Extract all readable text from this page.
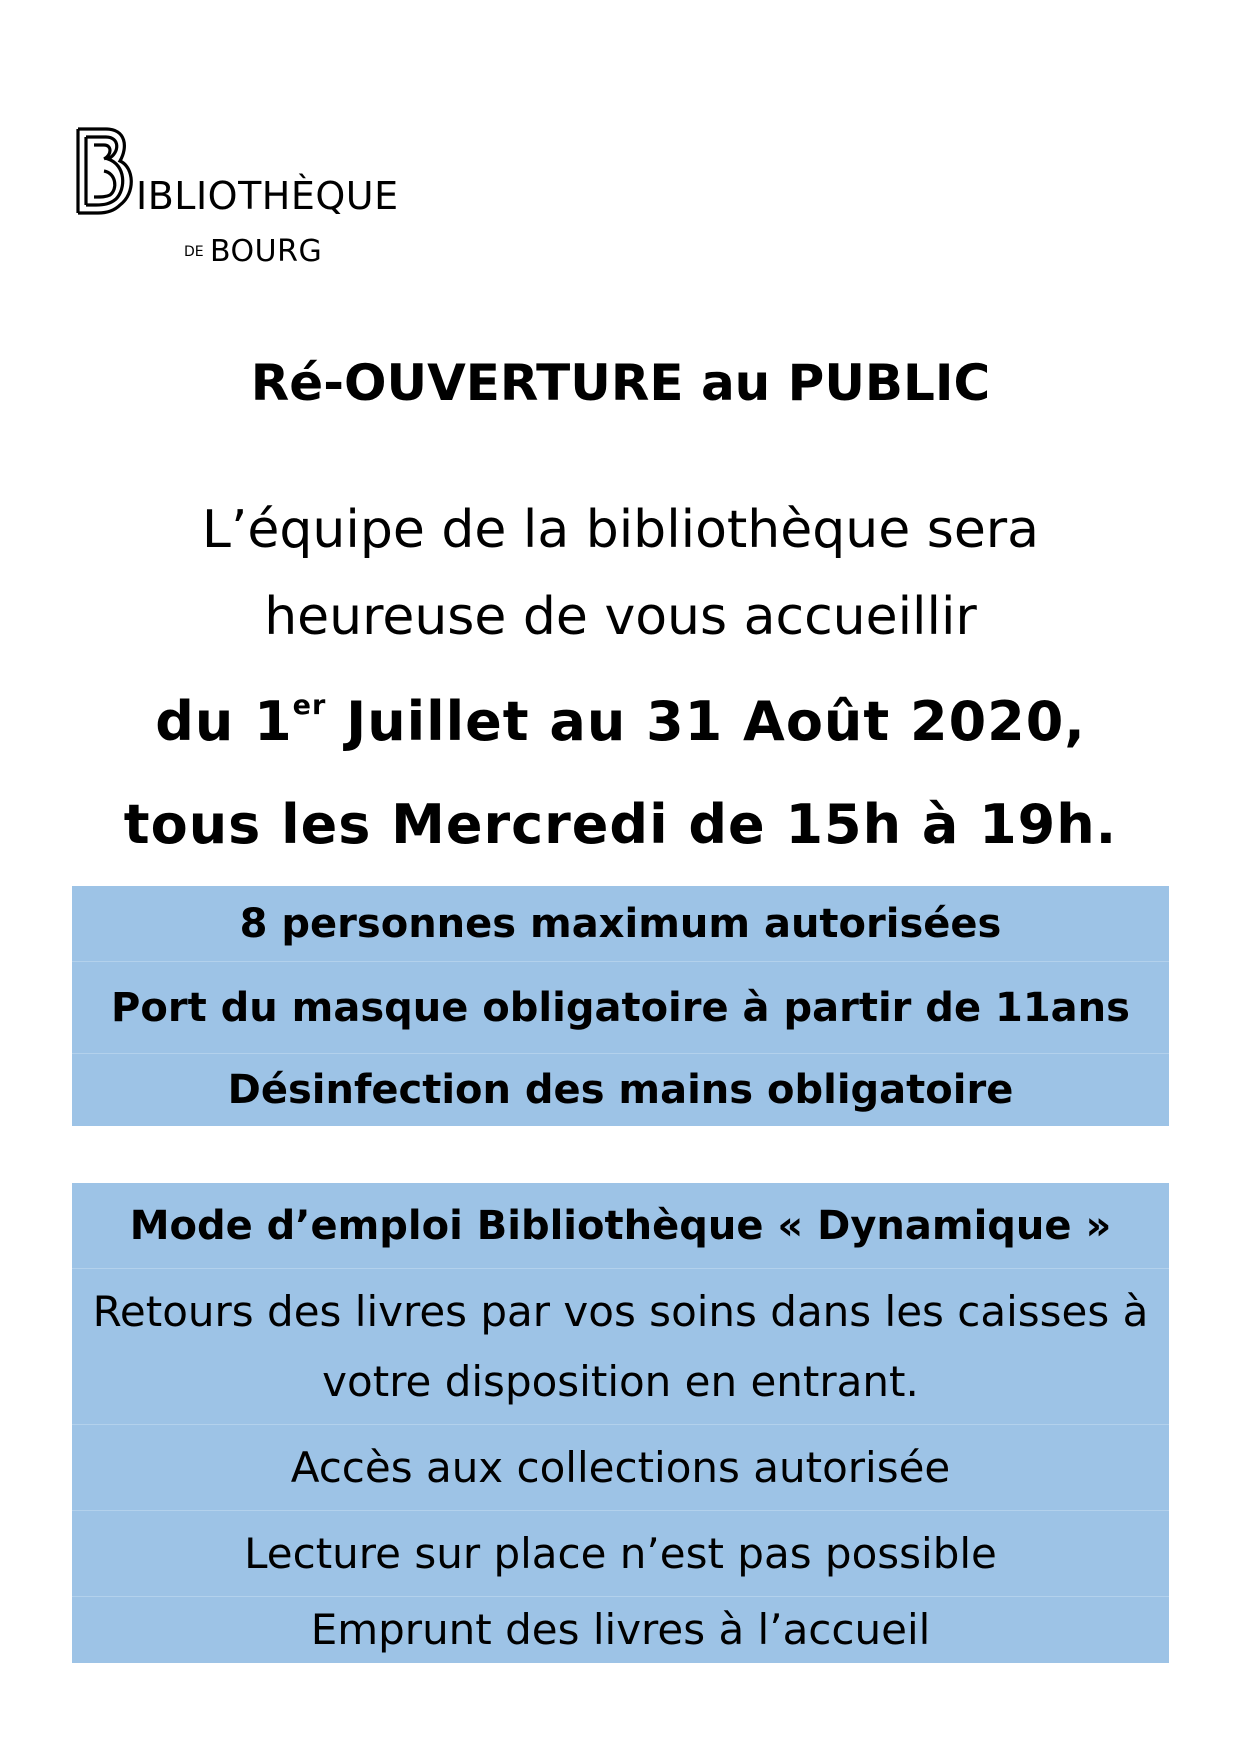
IBLIOTHÈQUE
DE BOURG
Ré-OUVERTURE au PUBLIC
L’équipe de la bibliothèque sera
heureuse de vous accueillir
du 1er Juillet au 31 Août 2020,
tous les Mercredi de 15h à 19h.
8 personnes maximum autorisées
Port du masque obligatoire à partir de 11ans
Désinfection des mains obligatoire
Mode d’emploi Bibliothèque « Dynamique »
Retours des livres par vos soins dans les caisses à votre disposition en entrant.
Accès aux collections autorisée
Lecture sur place n’est pas possible
Emprunt des livres à l’accueil
